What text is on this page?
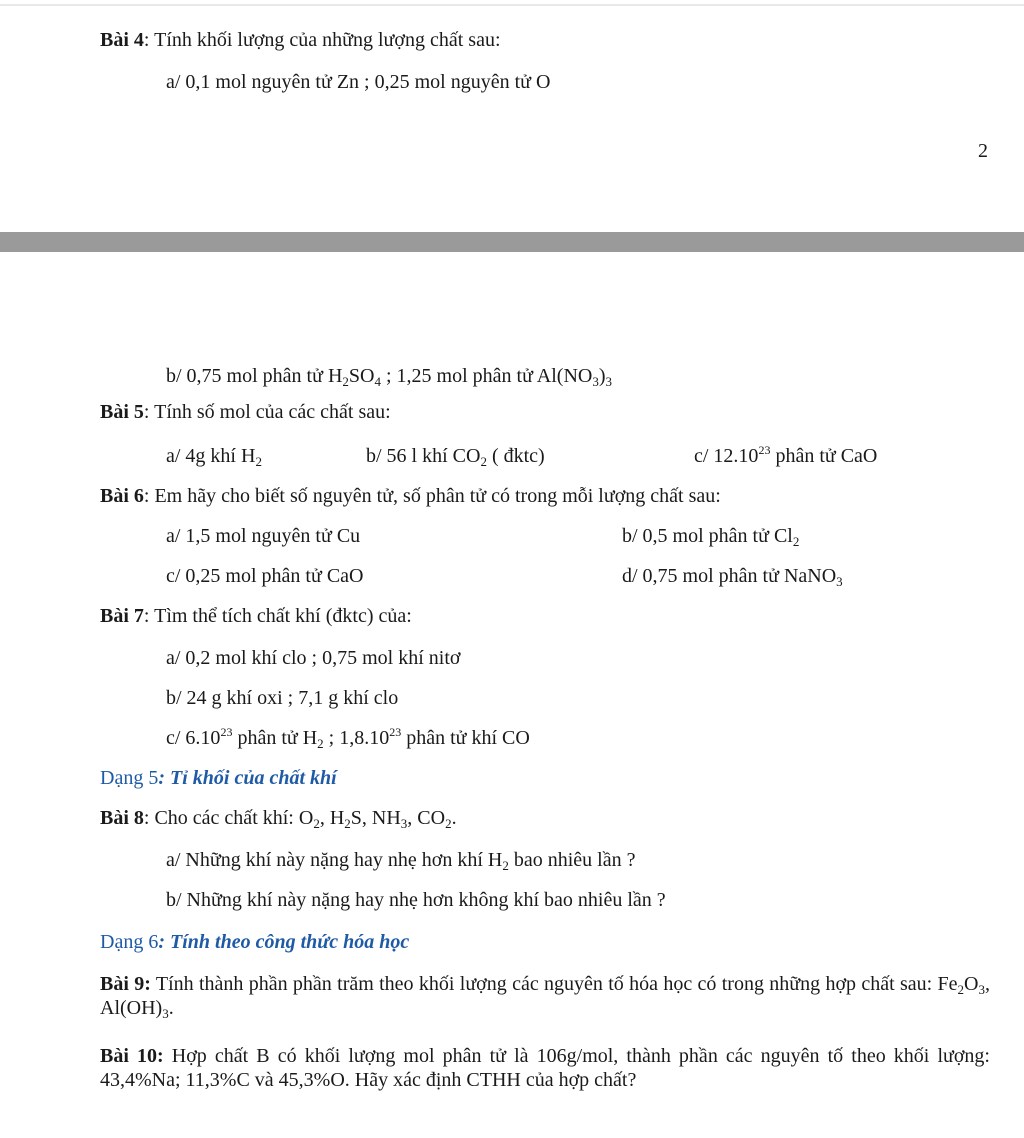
Bài 4: Tính khối lượng của những lượng chất sau:
a/ 0,1 mol nguyên tử Zn ; 0,25 mol nguyên tử O
2
b/ 0,75 mol phân tử $H_2SO_4$ ; 1,25 mol phân tử $Al(NO_3)_3$
Bài 5: Tính số mol của các chất sau:
a/ 4g khí $H_2$	b/ 56 l khí $CO_2$ ( đktc)	c/ 12.10$^{23}$ phân tử CaO
Bài 6: Em hãy cho biết số nguyên tử, số phân tử có trong mỗi lượng chất sau:
a/ 1,5 mol nguyên tử Cu	b/ 0,5 mol phân tử $Cl_2$
c/ 0,25 mol phân tử CaO	d/ 0,75 mol phân tử NaNO$_3$
Bài 7: Tìm thể tích chất khí (đktc) của:
a/ 0,2 mol khí clo ; 0,75 mol khí nitơ
b/ 24 g khí oxi ; 7,1 g khí clo
c/ 6.10$^{23}$ phân tử $H_2$ ; 1,8.10$^{23}$ phân tử khí CO
Dạng 5: Tỉ khối của chất khí
Bài 8: Cho các chất khí: $O_2$, $H_2S$, $NH_3$, $CO_2$.
a/ Những khí này nặng hay nhẹ hơn khí $H_2$ bao nhiêu lần ?
b/ Những khí này nặng hay nhẹ hơn không khí bao nhiêu lần ?
Dạng 6: Tính theo công thức hóa học
Bài 9: Tính thành phần phần trăm theo khối lượng các nguyên tố hóa học có trong những hợp chất sau: $Fe_2O_3$, $Al(OH)_3$.
Bài 10: Hợp chất B có khối lượng mol phân tử là 106g/mol, thành phần các nguyên tố theo khối lượng: 43,4%Na; 11,3%C và 45,3%O. Hãy xác định CTHH của hợp chất?
